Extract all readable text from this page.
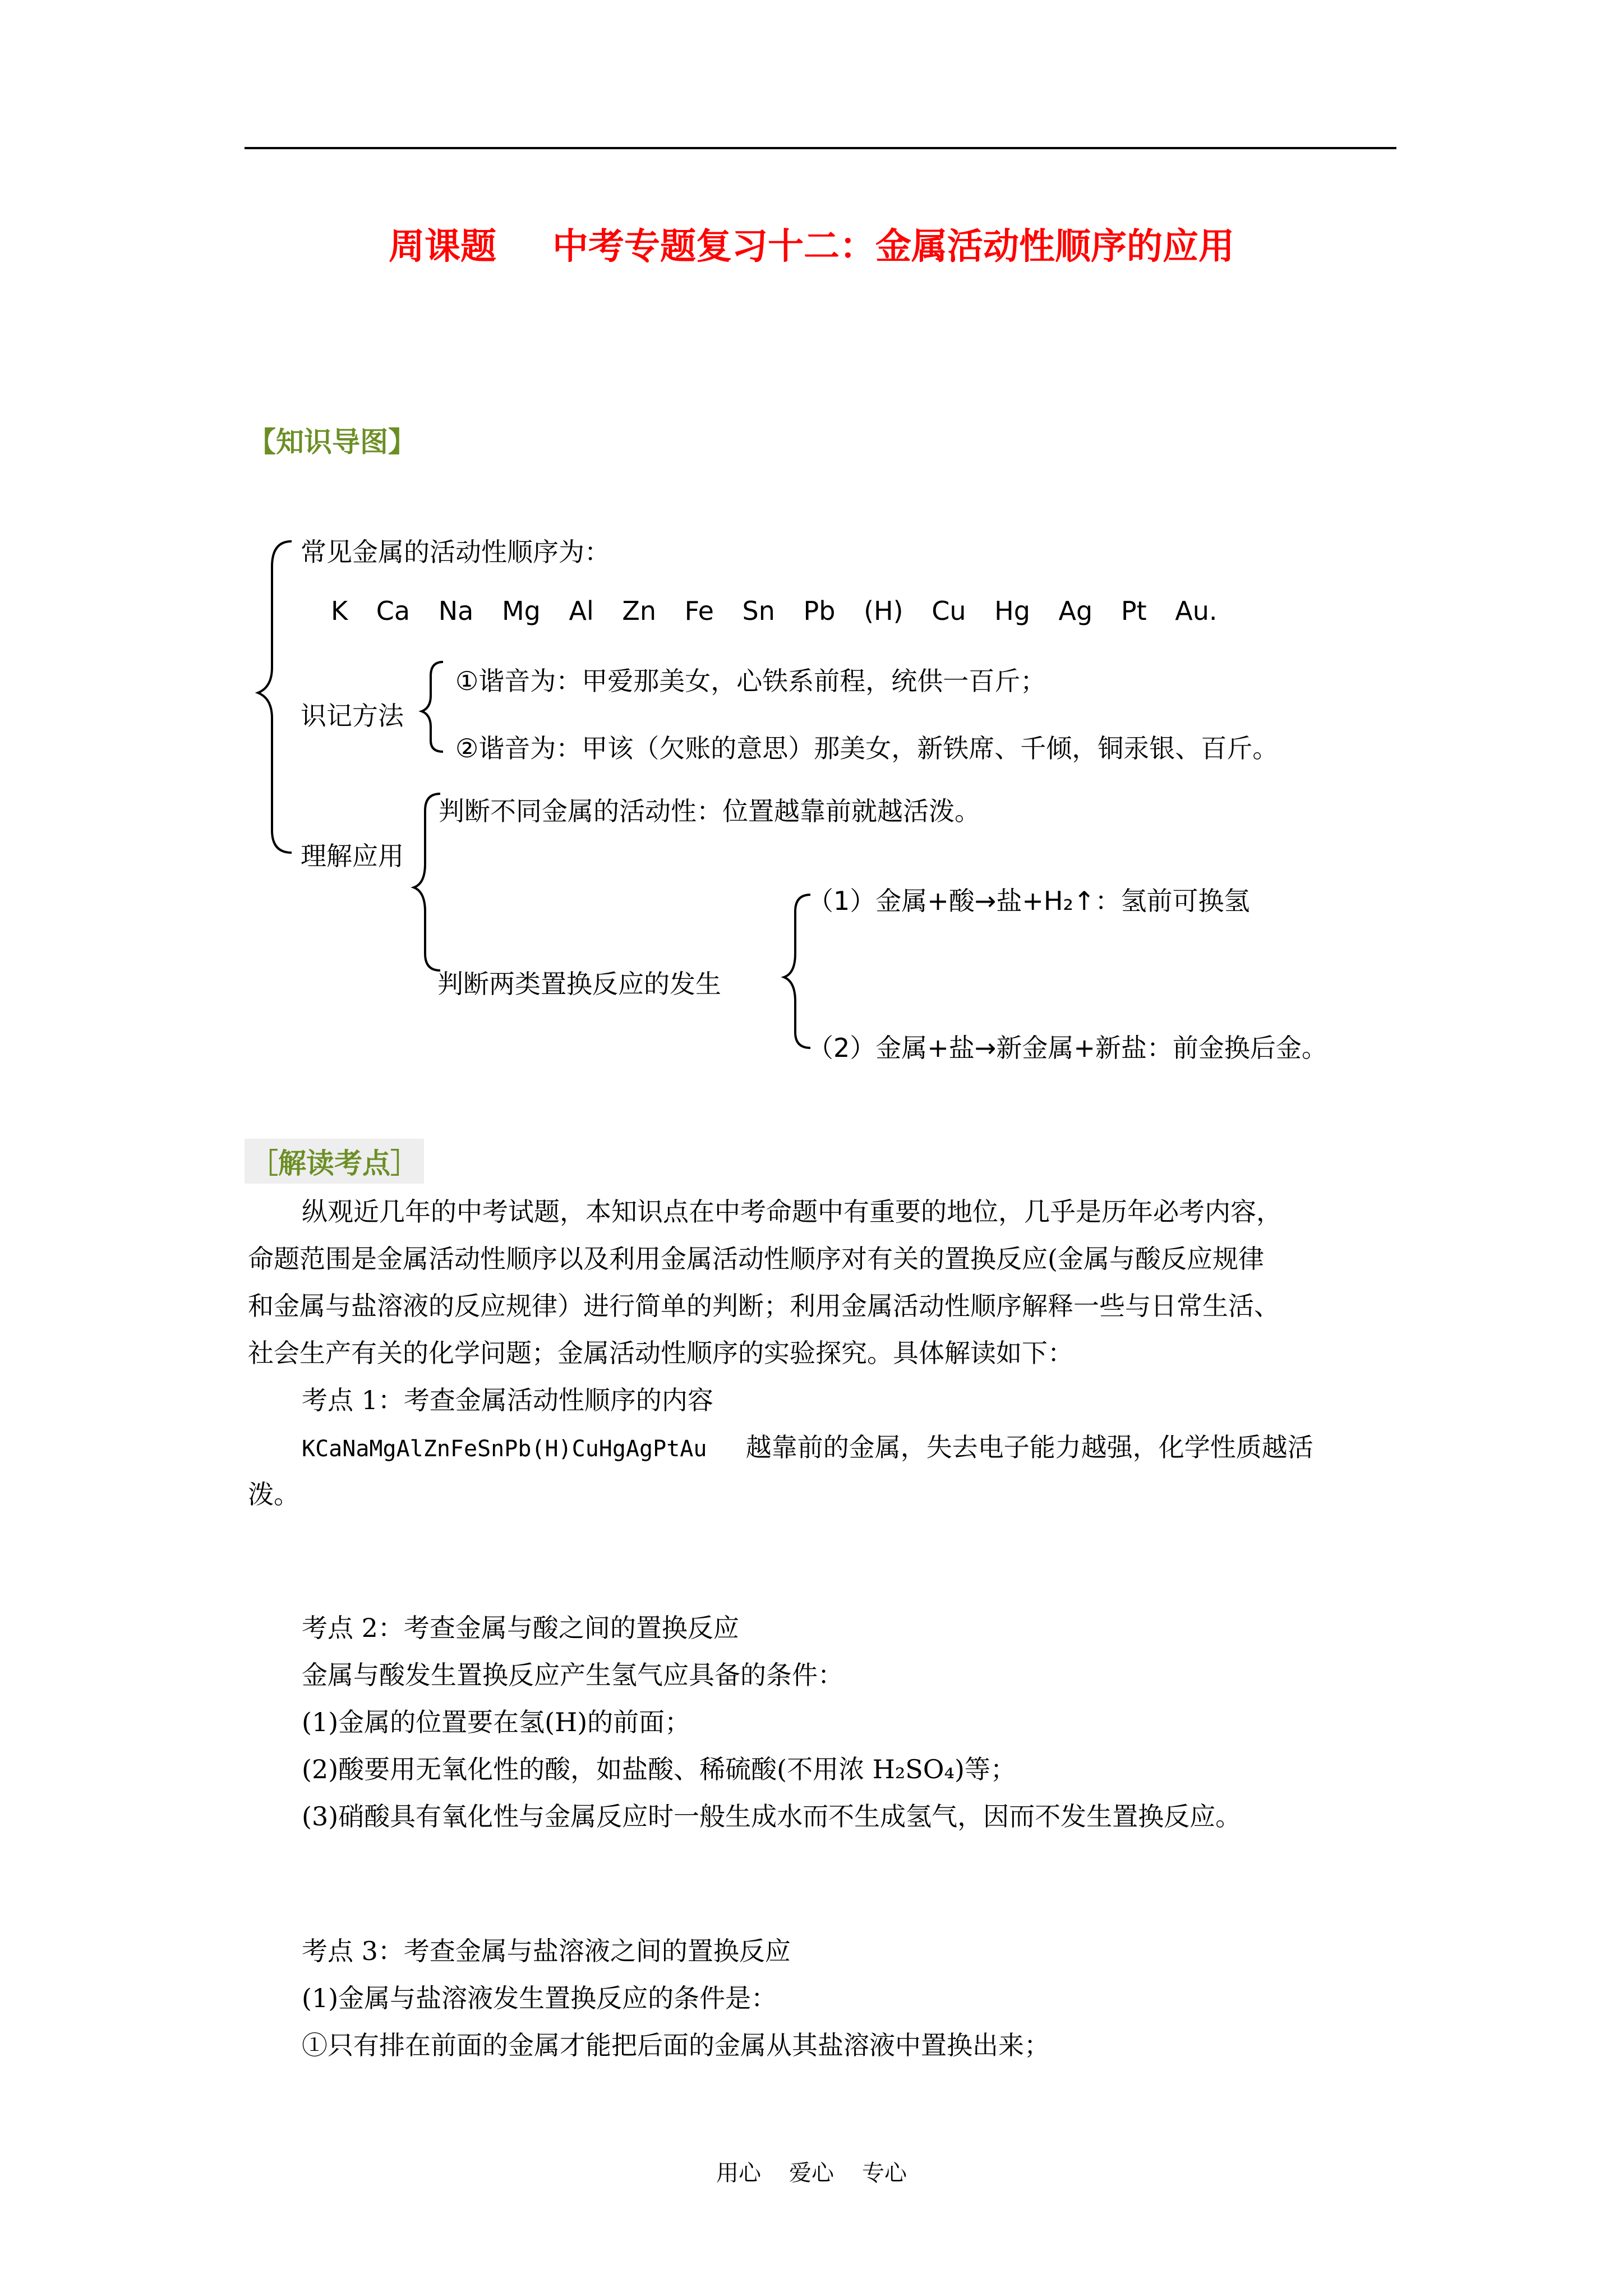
周课题 中考专题复习十二：金属活动性顺序的应用
【知识导图】
常见金属的活动性顺序为：
K Ca Na Mg Al Zn Fe Sn Pb (H) Cu Hg Ag Pt Au.
识记方法
①谐音为：甲爱那美女，心铁系前程，统供一百斤；
②谐音为：甲该（欠账的意思）那美女，新铁席、千倾，铜汞银、百斤。
理解应用
判断不同金属的活动性：位置越靠前就越活泼。
判断两类置换反应的发生
（1）金属+酸→盐+H₂↑：氢前可换氢
（2）金属+盐→新金属+新盐：前金换后金。
［解读考点］
纵观近几年的中考试题，本知识点在中考命题中有重要的地位，几乎是历年必考内容，
命题范围是金属活动性顺序以及利用金属活动性顺序对有关的置换反应(金属与酸反应规律
和金属与盐溶液的反应规律）进行简单的判断；利用金属活动性顺序解释一些与日常生活、
社会生产有关的化学问题；金属活动性顺序的实验探究。具体解读如下：
考点 1：考查金属活动性顺序的内容
KCaNaMgAlZnFeSnPb(H)CuHgAgPtAu 越靠前的金属，失去电子能力越强，化学性质越活
泼。
考点 2：考查金属与酸之间的置换反应
金属与酸发生置换反应产生氢气应具备的条件：
(1)金属的位置要在氢(H)的前面；
(2)酸要用无氧化性的酸，如盐酸、稀硫酸(不用浓 H₂SO₄)等；
(3)硝酸具有氧化性与金属反应时一般生成水而不生成氢气，因而不发生置换反应。
考点 3：考查金属与盐溶液之间的置换反应
(1)金属与盐溶液发生置换反应的条件是：
①只有排在前面的金属才能把后面的金属从其盐溶液中置换出来；
用心 爱心 专心
